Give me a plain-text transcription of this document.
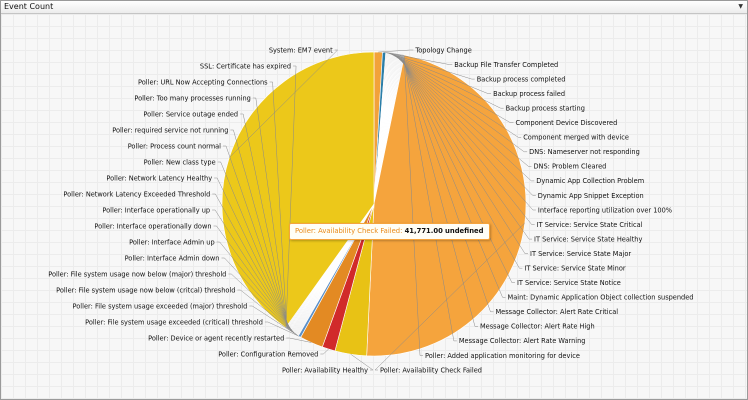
Event Count	▼
Topology Change
Backup File Transfer Completed
Backup process completed
Backup process failed
Backup process starting
Component Device Discovered
Component merged with device
DNS: Nameserver not responding
DNS: Problem Cleared
Dynamic App Collection Problem
Dynamic App Snippet Exception
Interface reporting utilization over 100%
IT Service: Service State Critical
IT Service: Service State Healthy
IT Service: Service State Major
IT Service: Service State Minor
IT Service: Service State Notice
Maint: Dynamic Application Object collection suspended
Message Collector: Alert Rate Critical
Message Collector: Alert Rate High
Message Collector: Alert Rate Warning
Poller: Added application monitoring for device
Poller: Availability Check Failed
System: EM7 event
SSL: Certificate has expired
Poller: URL Now Accepting Connections
Poller: Too many processes running
Poller: Service outage ended
Poller: required service not running
Poller: Process count normal
Poller: New class type
Poller: Network Latency Healthy
Poller: Network Latency Exceeded Threshold
Poller: Interface operationally up
Poller: Interface operationally down
Poller: Interface Admin up
Poller: Interface Admin down
Poller: File system usage now below (major) threshold
Poller: File system usage now below (critcal) threshold
Poller: File system usage exceeded (major) threshold
Poller: File system usage exceeded (critical) threshold
Poller: Device or agent recently restarted
Poller: Configuration Removed
Poller: Availability Healthy
Poller: Availability Check Failed: 41,771.00 undefined
